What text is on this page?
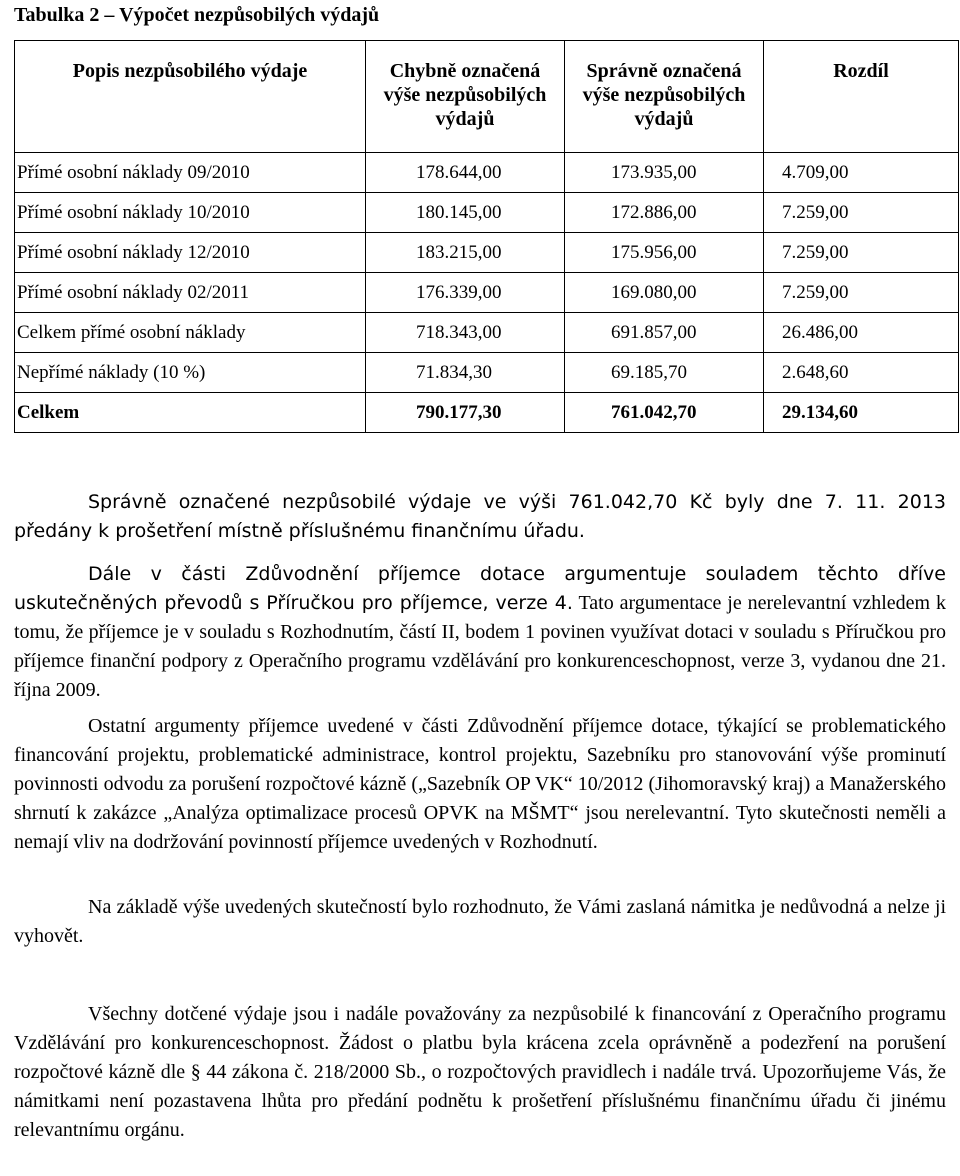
Tabulka 2 – Výpočet nezpůsobilých výdajů
Popis nezpůsobilého výdaje	Chybně označená výše nezpůsobilých výdajů	Správně označená výše nezpůsobilých výdajů	Rozdíl
Přímé osobní náklady 09/2010	178.644,00	173.935,00	4.709,00
Přímé osobní náklady 10/2010	180.145,00	172.886,00	7.259,00
Přímé osobní náklady 12/2010	183.215,00	175.956,00	7.259,00
Přímé osobní náklady 02/2011	176.339,00	169.080,00	7.259,00
Celkem přímé osobní náklady	718.343,00	691.857,00	26.486,00
Nepřímé náklady (10 %)	71.834,30	69.185,70	2.648,60
Celkem	790.177,30	761.042,70	29.134,60
Správně označené nezpůsobilé výdaje ve výši 761.042,70 Kč byly dne 7. 11. 2013 předány k prošetření místně příslušnému finančnímu úřadu.
Dále v části Zdůvodnění příjemce dotace argumentuje souladem těchto dříve uskutečněných převodů s Příručkou pro příjemce, verze 4. Tato argumentace je nerelevantní vzhledem k tomu, že příjemce je v souladu s Rozhodnutím, částí II, bodem 1 povinen využívat dotaci v souladu s Příručkou pro příjemce finanční podpory z Operačního programu vzdělávání pro konkurenceschopnost, verze 3, vydanou dne 21. října 2009.
Ostatní argumenty příjemce uvedené v části Zdůvodnění příjemce dotace, týkající se problematického financování projektu, problematické administrace, kontrol projektu, Sazebníku pro stanovování výše prominutí povinnosti odvodu za porušení rozpočtové kázně („Sazebník OP VK“ 10/2012 (Jihomoravský kraj) a Manažerského shrnutí k zakázce „Analýza optimalizace procesů OPVK na MŠMT“ jsou nerelevantní. Tyto skutečnosti neměli a nemají vliv na dodržování povinností příjemce uvedených v Rozhodnutí.
Na základě výše uvedených skutečností bylo rozhodnuto, že Vámi zaslaná námitka je nedůvodná a nelze ji vyhovět.
Všechny dotčené výdaje jsou i nadále považovány za nezpůsobilé k financování z Operačního programu Vzdělávání pro konkurenceschopnost. Žádost o platbu byla krácena zcela oprávněně a podezření na porušení rozpočtové kázně dle § 44 zákona č. 218/2000 Sb., o rozpočtových pravidlech i nadále trvá. Upozorňujeme Vás, že námitkami není pozastavena lhůta pro předání podnětu k prošetření příslušnému finančnímu úřadu či jinému relevantnímu orgánu.
